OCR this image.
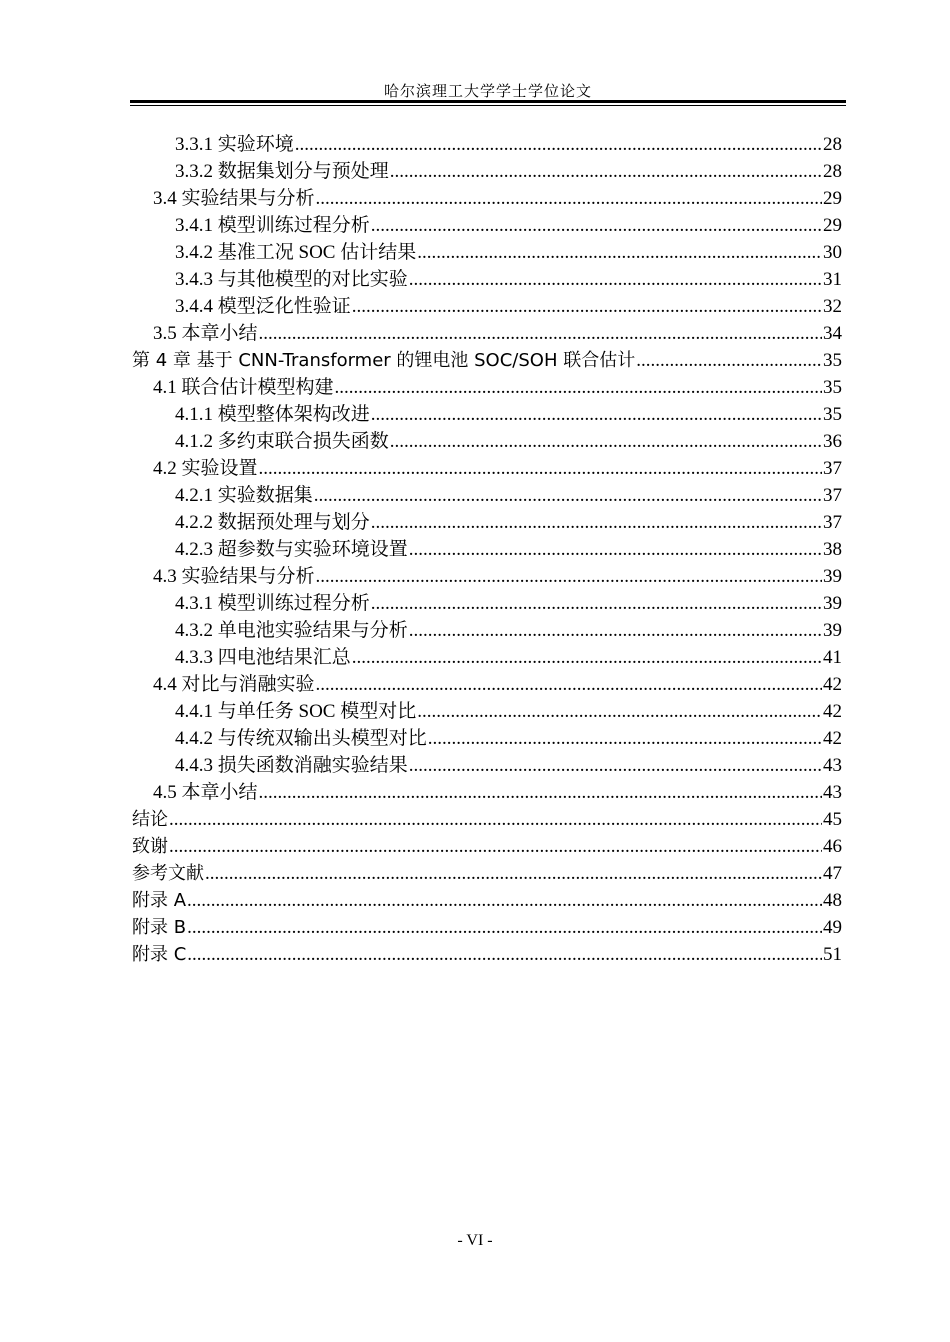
哈尔滨理工大学学士学位论文
3.3.1 实验环境 .....	28
3.3.2 数据集划分与预处理 .....	28
3.4 实验结果与分析 .....	29
3.4.1 模型训练过程分析 .....	29
3.4.2 基准工况 SOC 估计结果 .....	30
3.4.3 与其他模型的对比实验 .....	31
3.4.4 模型泛化性验证 .....	32
3.5 本章小结 .....	34
第 4 章 基于 CNN-Transformer 的锂电池 SOC/SOH 联合估计 .....	35
4.1 联合估计模型构建 .....	35
4.1.1 模型整体架构改进 .....	35
4.1.2 多约束联合损失函数 .....	36
4.2 实验设置 .....	37
4.2.1 实验数据集 .....	37
4.2.2 数据预处理与划分 .....	37
4.2.3 超参数与实验环境设置 .....	38
4.3 实验结果与分析 .....	39
4.3.1 模型训练过程分析 .....	39
4.3.2 单电池实验结果与分析 .....	39
4.3.3 四电池结果汇总 .....	41
4.4 对比与消融实验 .....	42
4.4.1 与单任务 SOC 模型对比 .....	42
4.4.2 与传统双输出头模型对比 .....	42
4.4.3 损失函数消融实验结果 .....	43
4.5 本章小结 .....	43
结论 .....	45
致谢 .....	46
参考文献 .....	47
附录 A .....	48
附录 B .....	49
附录 C .....	51
- VI -
